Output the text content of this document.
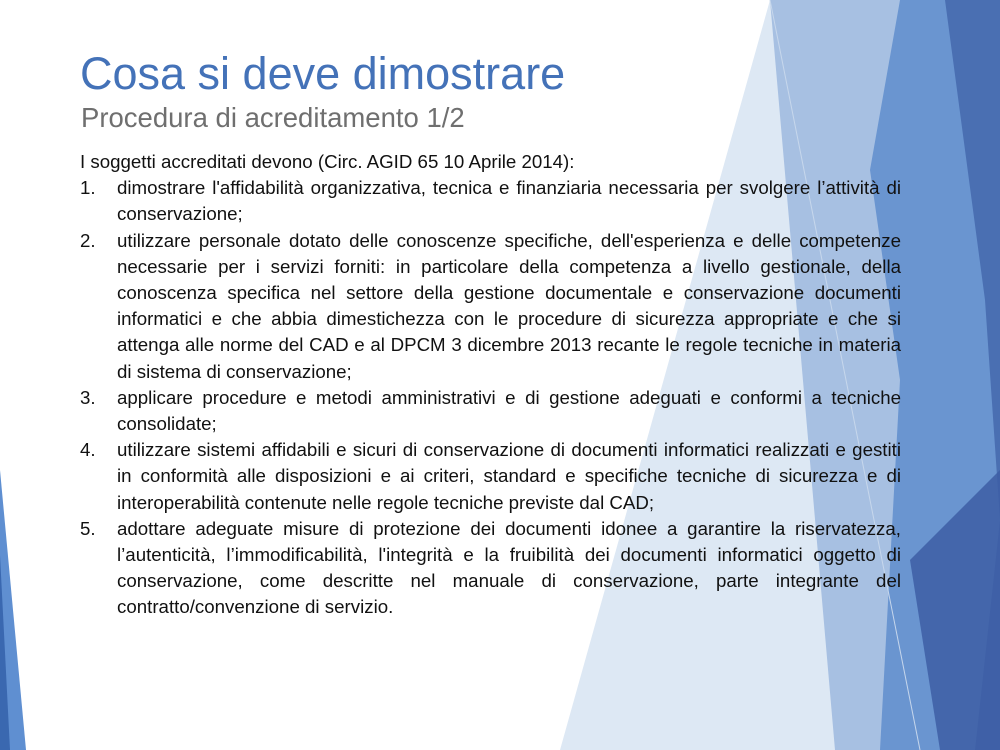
Cosa si deve dimostrare
Procedura di acreditamento 1/2

I soggetti accreditati devono (Circ. AGID 65 10 Aprile 2014):

1. dimostrare l'affidabilità organizzativa, tecnica e finanziaria necessaria per svolgere l’attività di conservazione;
2. utilizzare personale dotato delle conoscenze specifiche, dell'esperienza e delle competenze necessarie per i servizi forniti: in particolare della competenza a livello gestionale, della conoscenza specifica nel settore della gestione documentale e conservazione documenti informatici e che abbia dimestichezza con le procedure di sicurezza appropriate e che si attenga alle norme del CAD e al DPCM 3 dicembre 2013 recante le regole tecniche in materia di sistema di conservazione;
3. applicare procedure e metodi amministrativi e di gestione adeguati e conformi a tecniche consolidate;
4. utilizzare sistemi affidabili e sicuri di conservazione di documenti informatici realizzati e gestiti in conformità alle disposizioni e ai criteri, standard e specifiche tecniche di sicurezza e di interoperabilità contenute nelle regole tecniche previste dal CAD;
5. adottare adeguate misure di protezione dei documenti idonee a garantire la riservatezza, l’autenticità, l’immodificabilità, l'integrità e la fruibilità dei documenti informatici oggetto di conservazione, come descritte nel manuale di conservazione, parte integrante del contratto/convenzione di servizio.
